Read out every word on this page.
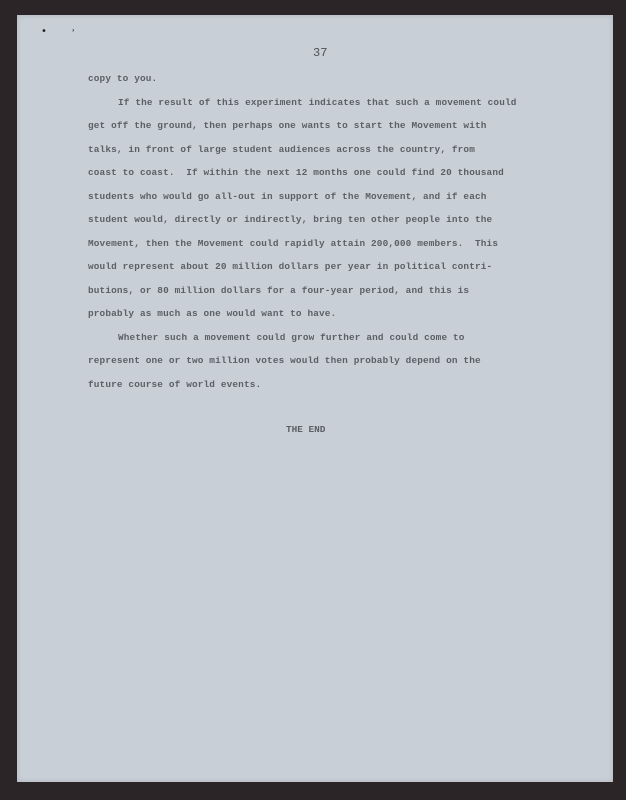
•	˒
37
copy to you.
If the result of this experiment indicates that such a movement could
get off the ground, then perhaps one wants to start the Movement with
talks, in front of large student audiences across the country, from
coast to coast.  If within the next 12 months one could find 20 thousand
students who would go all-out in support of the Movement, and if each
student would, directly or indirectly, bring ten other people into the
Movement, then the Movement could rapidly attain 200,000 members.  This
would represent about 20 million dollars per year in political contri-
butions, or 80 million dollars for a four-year period, and this is
probably as much as one would want to have.
Whether such a movement could grow further and could come to
represent one or two million votes would then probably depend on the
future course of world events.
THE END
